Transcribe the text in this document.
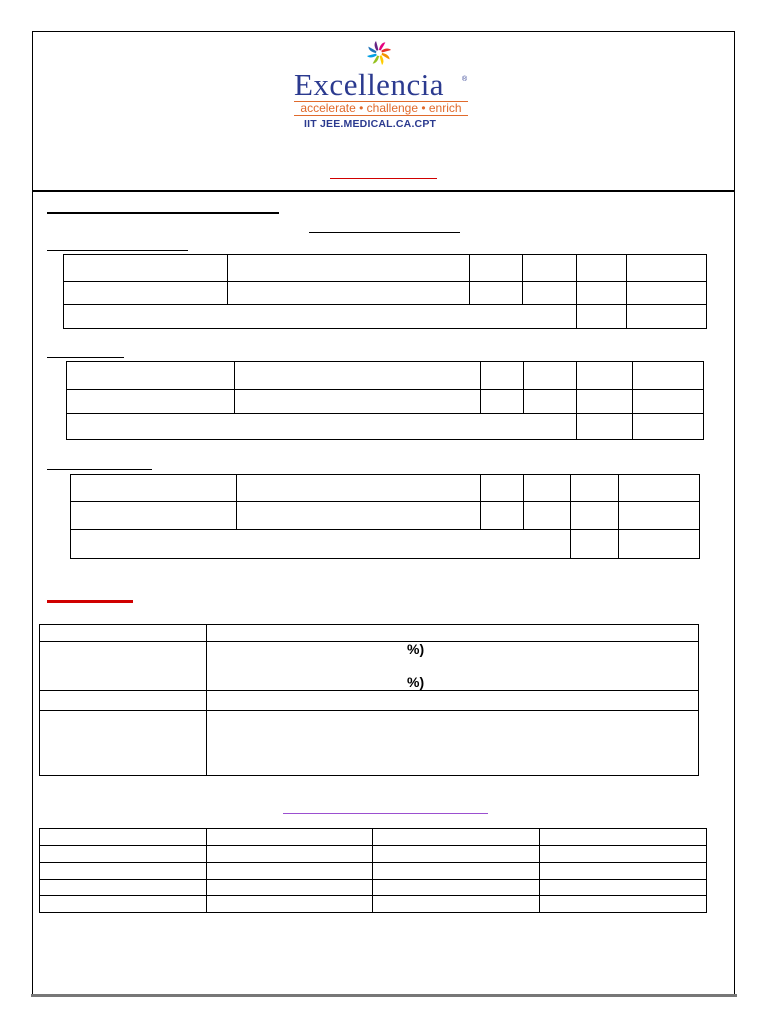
Excellencia	®
accelerate • challenge • enrich
IIT JEE.MEDICAL.CA.CPT

%)
%)
